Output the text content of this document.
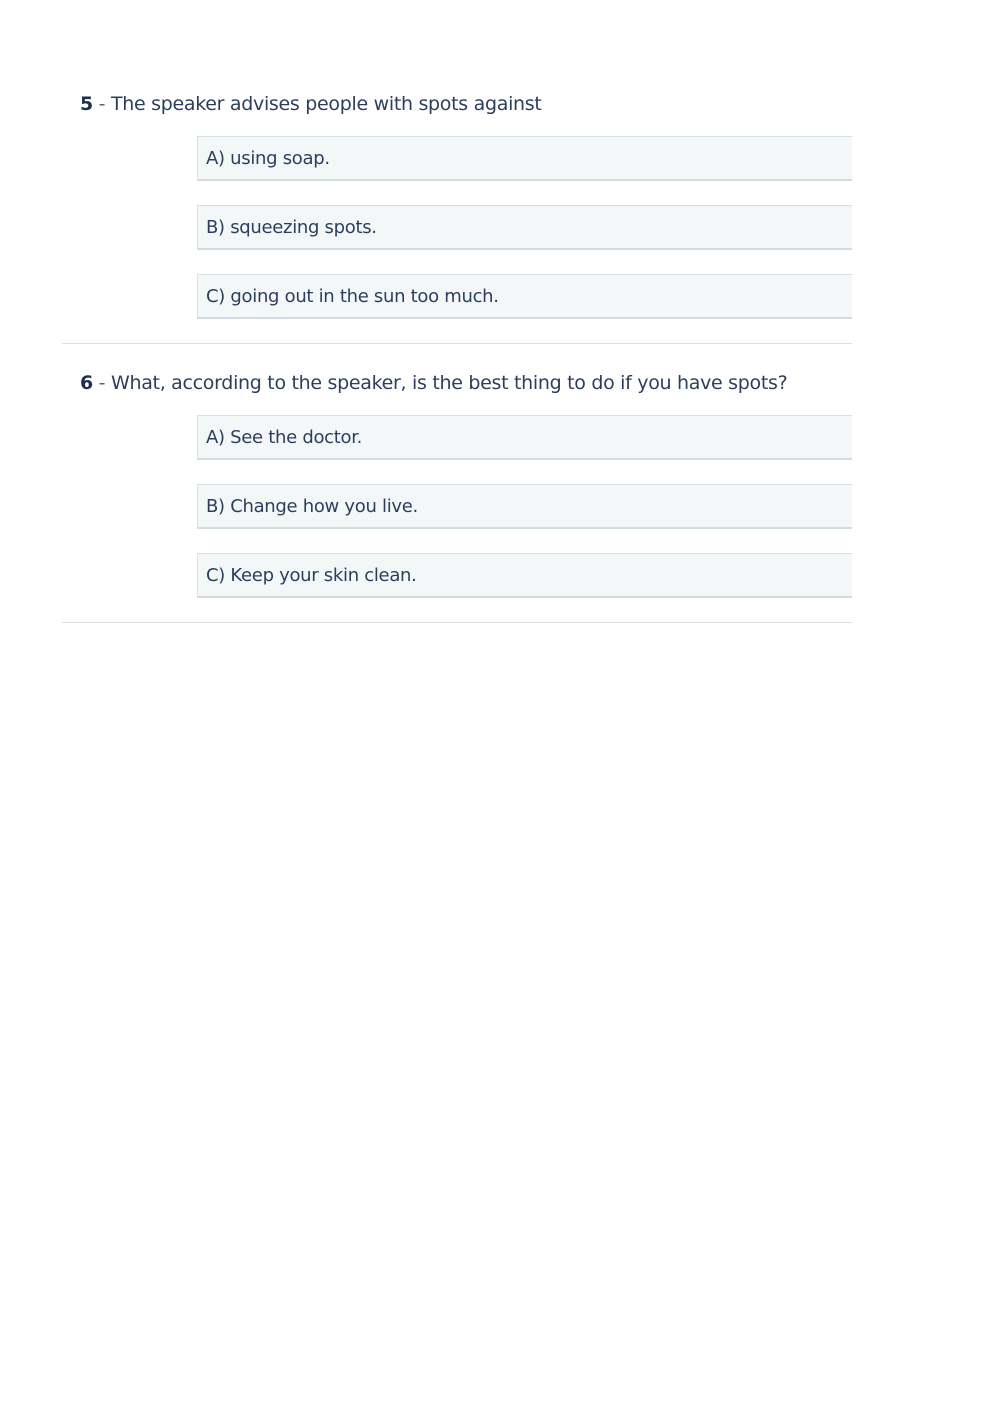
5 - The speaker advises people with spots against
A) using soap.
B) squeezing spots.
C) going out in the sun too much.
6 - What, according to the speaker, is the best thing to do if you have spots?
A) See the doctor.
B) Change how you live.
C) Keep your skin clean.
